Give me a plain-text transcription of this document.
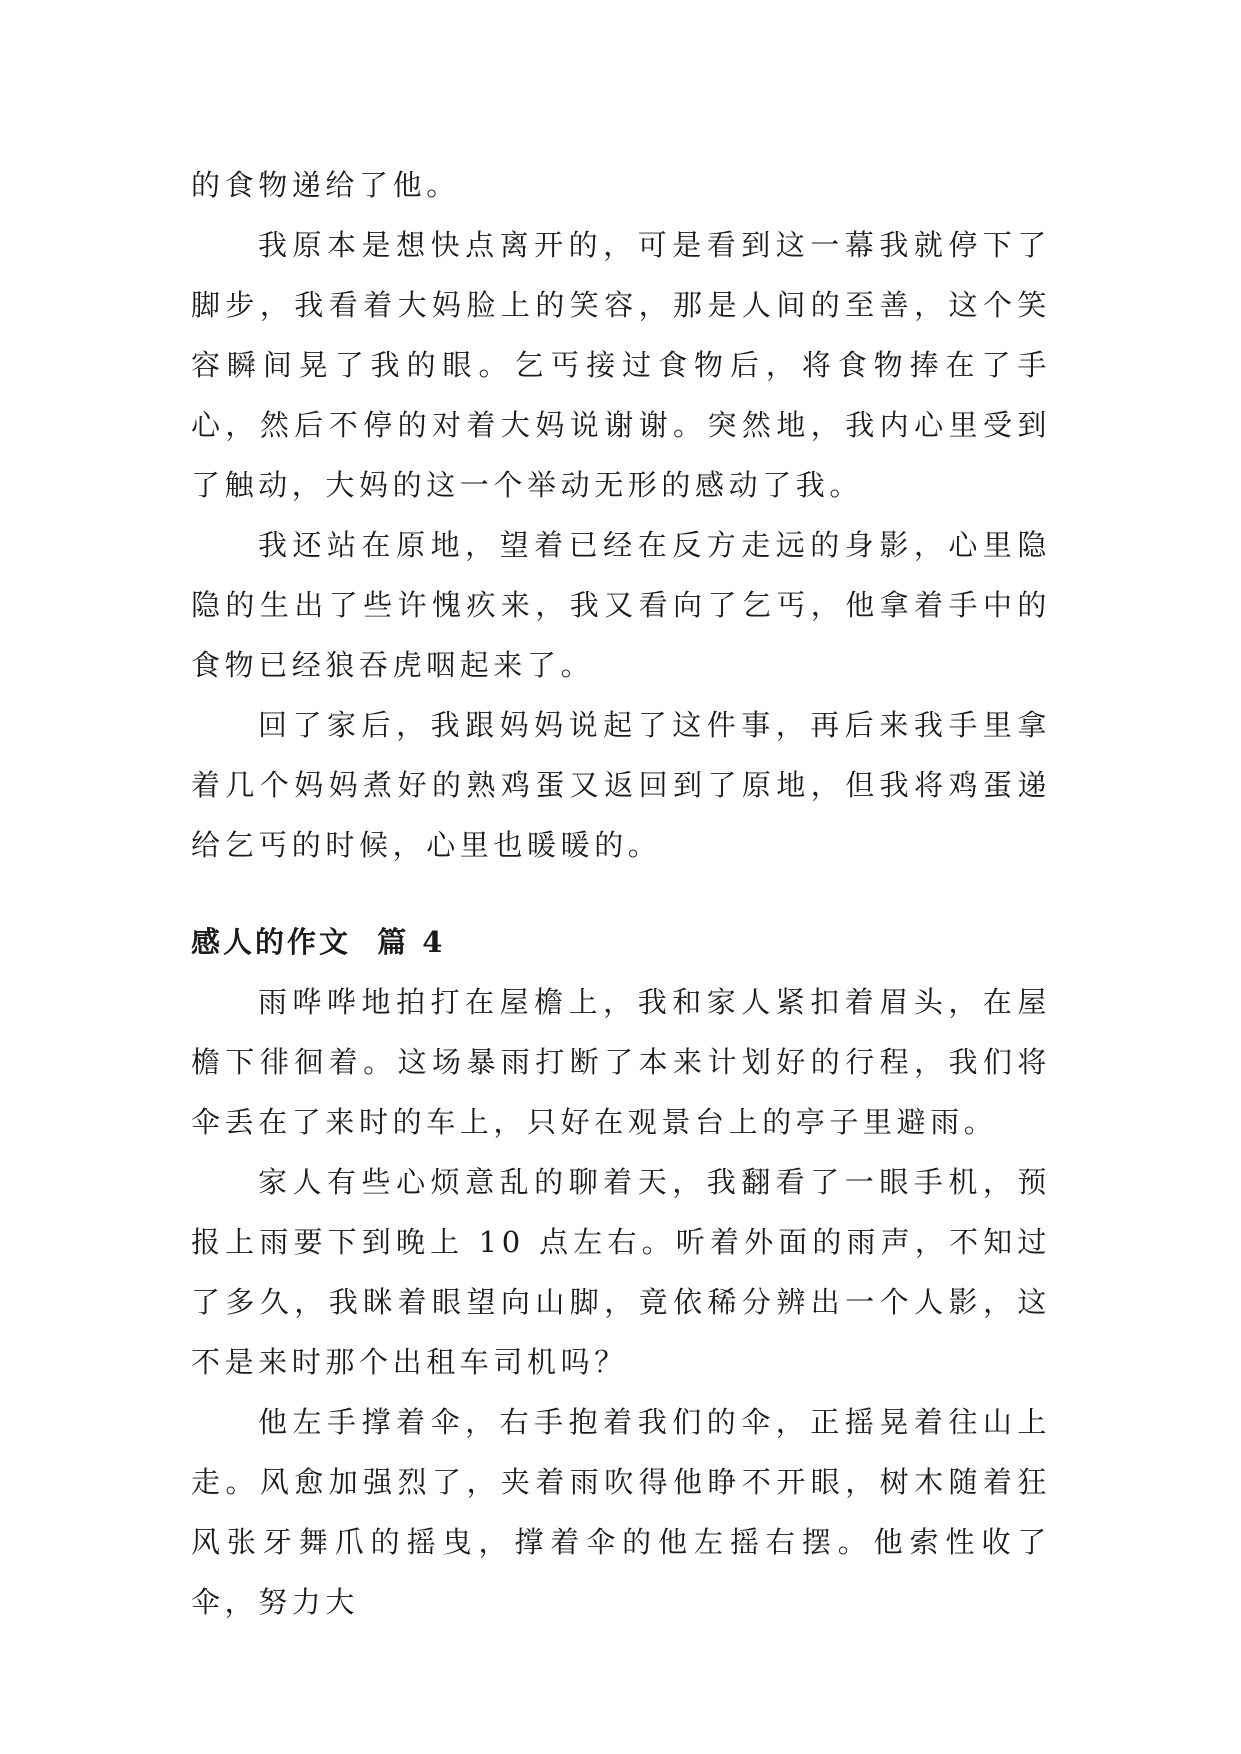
的食物递给了他。

我原本是想快点离开的，可是看到这一幕我就停下了脚步，我看着大妈脸上的笑容，那是人间的至善，这个笑容瞬间晃了我的眼。乞丐接过食物后，将食物捧在了手心，然后不停的对着大妈说谢谢。突然地，我内心里受到了触动，大妈的这一个举动无形的感动了我。

我还站在原地，望着已经在反方走远的身影，心里隐隐的生出了些许愧疚来，我又看向了乞丐，他拿着手中的食物已经狼吞虎咽起来了。

回了家后，我跟妈妈说起了这件事，再后来我手里拿着几个妈妈煮好的熟鸡蛋又返回到了原地，但我将鸡蛋递给乞丐的时候，心里也暖暖的。

感人的作文  篇 4

雨哗哗地拍打在屋檐上，我和家人紧扣着眉头，在屋檐下徘徊着。这场暴雨打断了本来计划好的行程，我们将伞丢在了来时的车上，只好在观景台上的亭子里避雨。

家人有些心烦意乱的聊着天，我翻看了一眼手机，预报上雨要下到晚上 10 点左右。听着外面的雨声，不知过了多久，我眯着眼望向山脚，竟依稀分辨出一个人影，这不是来时那个出租车司机吗？

他左手撑着伞，右手抱着我们的伞，正摇晃着往山上走。风愈加强烈了，夹着雨吹得他睁不开眼，树木随着狂风张牙舞爪的摇曳，撑着伞的他左摇右摆。他索性收了伞，努力大
